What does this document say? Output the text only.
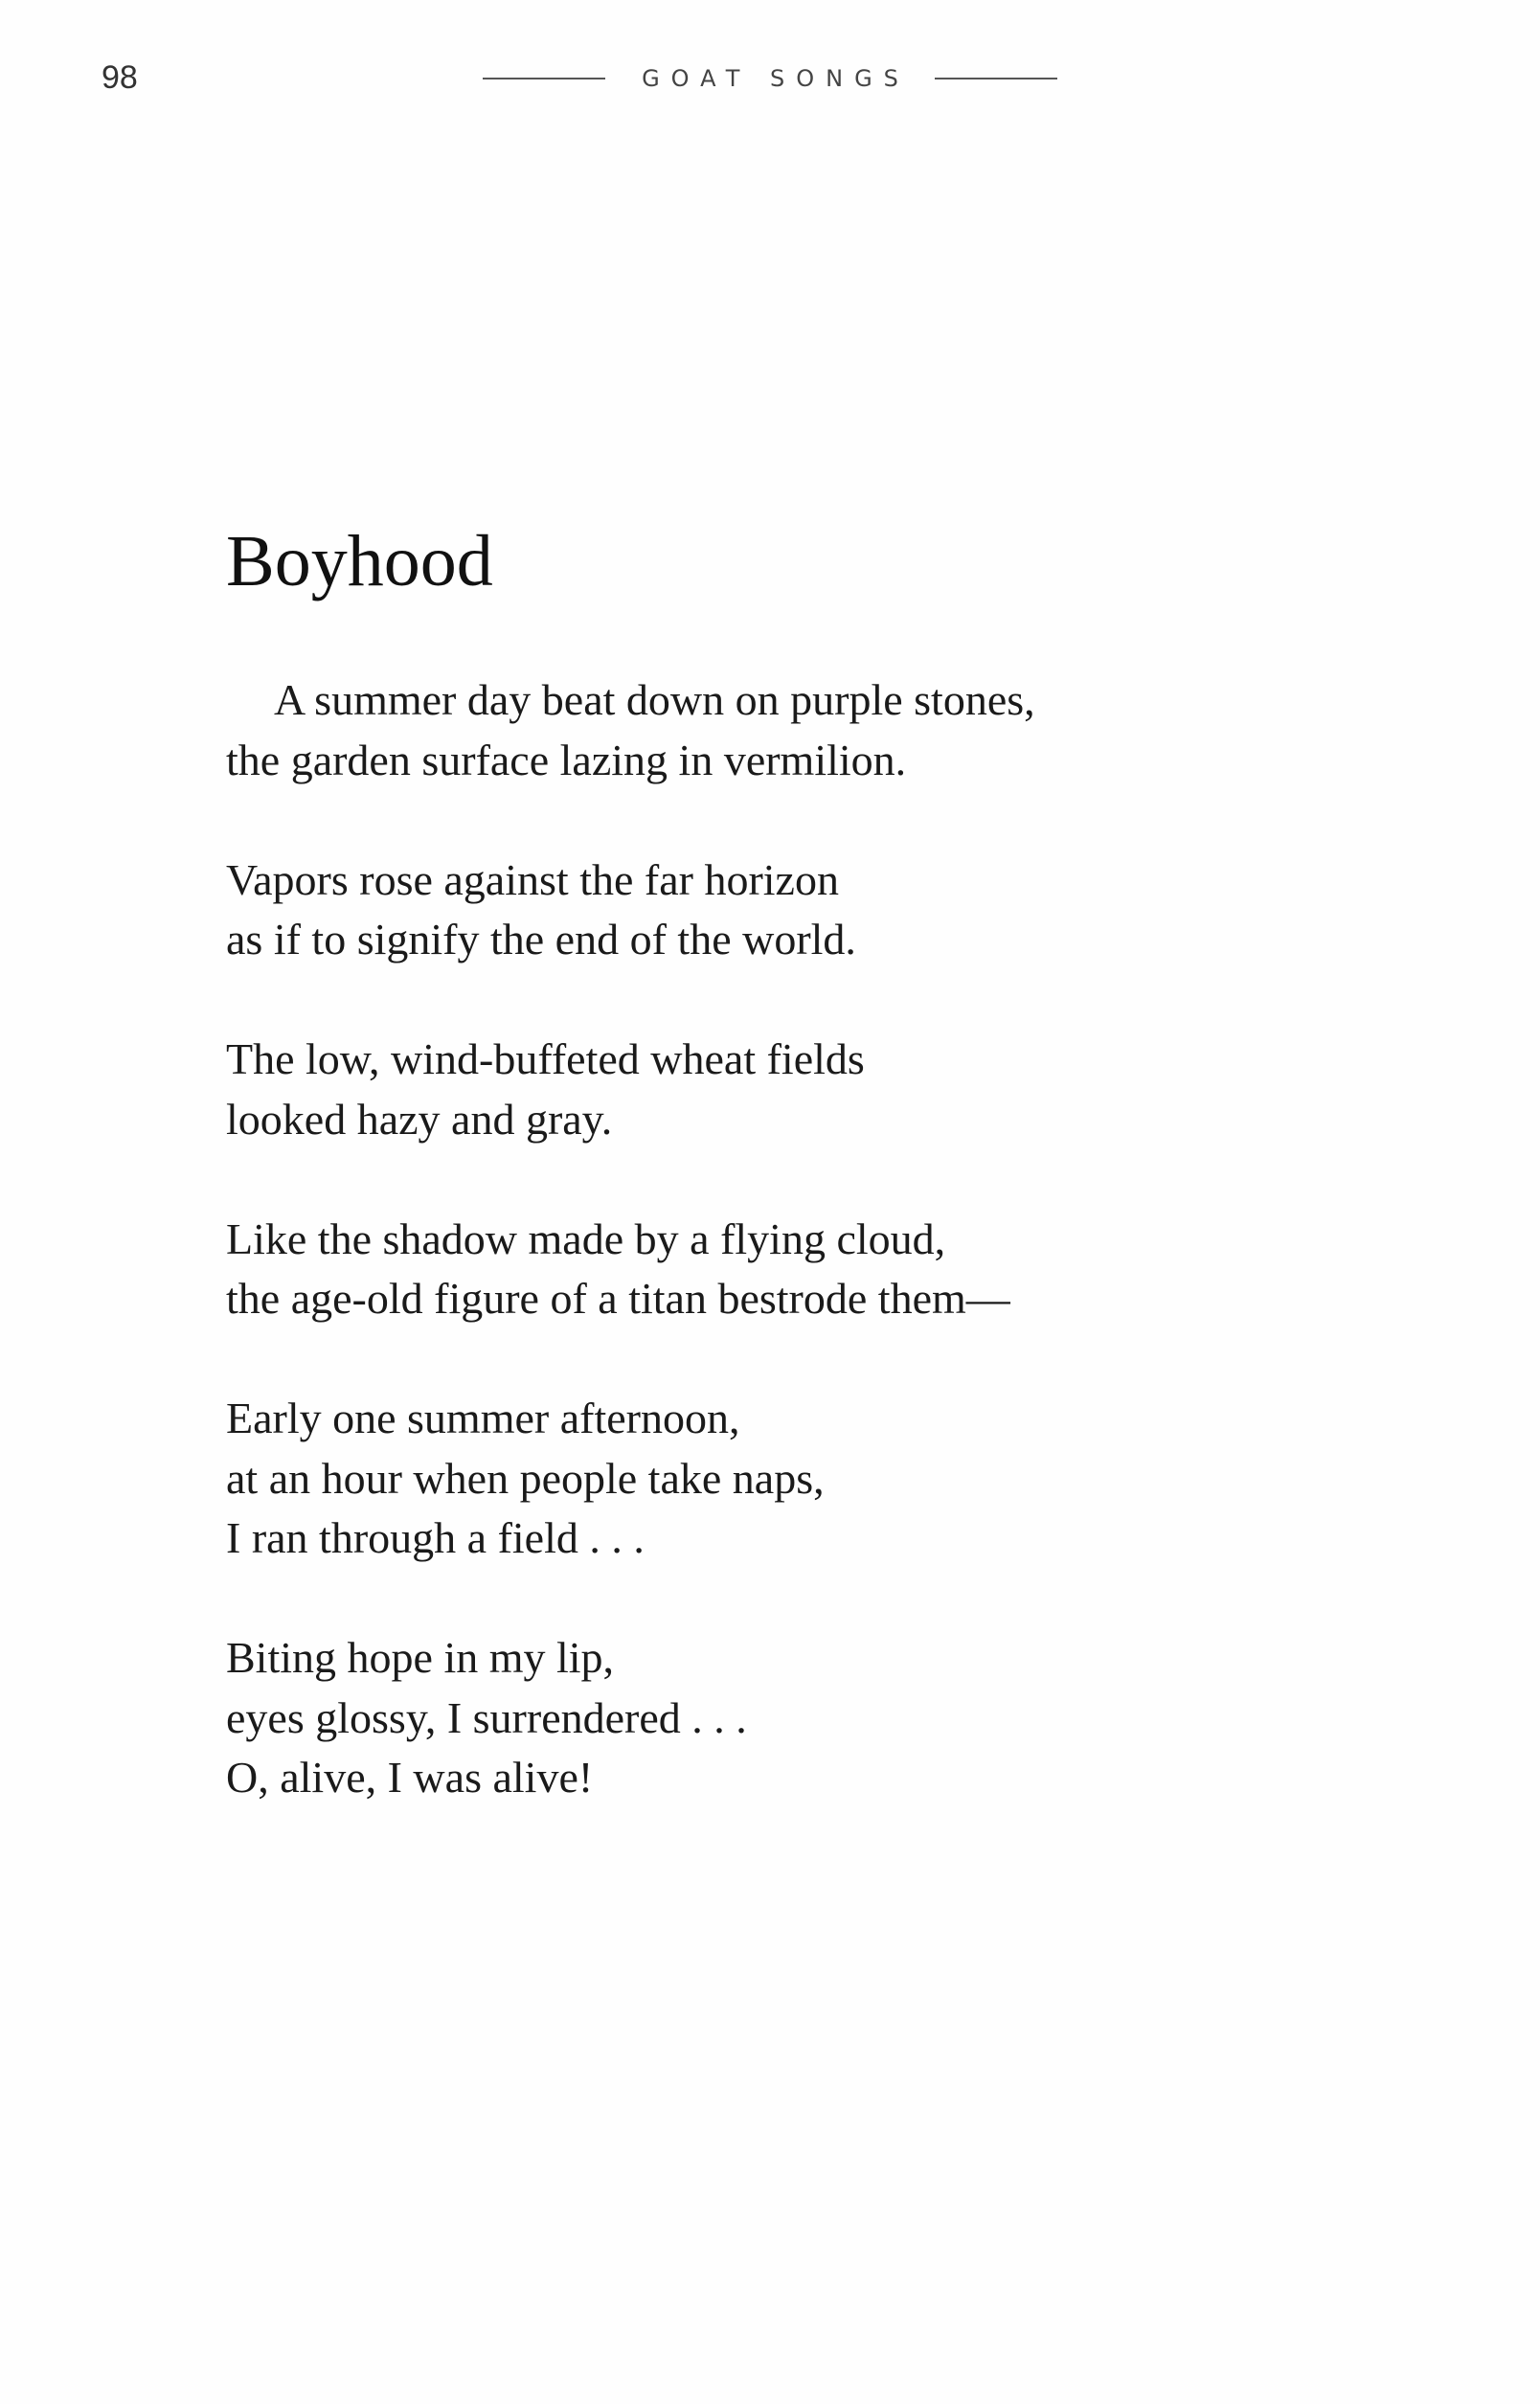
98	GOAT SONGS
Boyhood

A summer day beat down on purple stones,
the garden surface lazing in vermilion.

Vapors rose against the far horizon
as if to signify the end of the world.

The low, wind-buffeted wheat fields
looked hazy and gray.

Like the shadow made by a flying cloud,
the age-old figure of a titan bestrode them—

Early one summer afternoon,
at an hour when people take naps,
I ran through a field . . .

Biting hope in my lip,
eyes glossy, I surrendered . . .
O, alive, I was alive!
